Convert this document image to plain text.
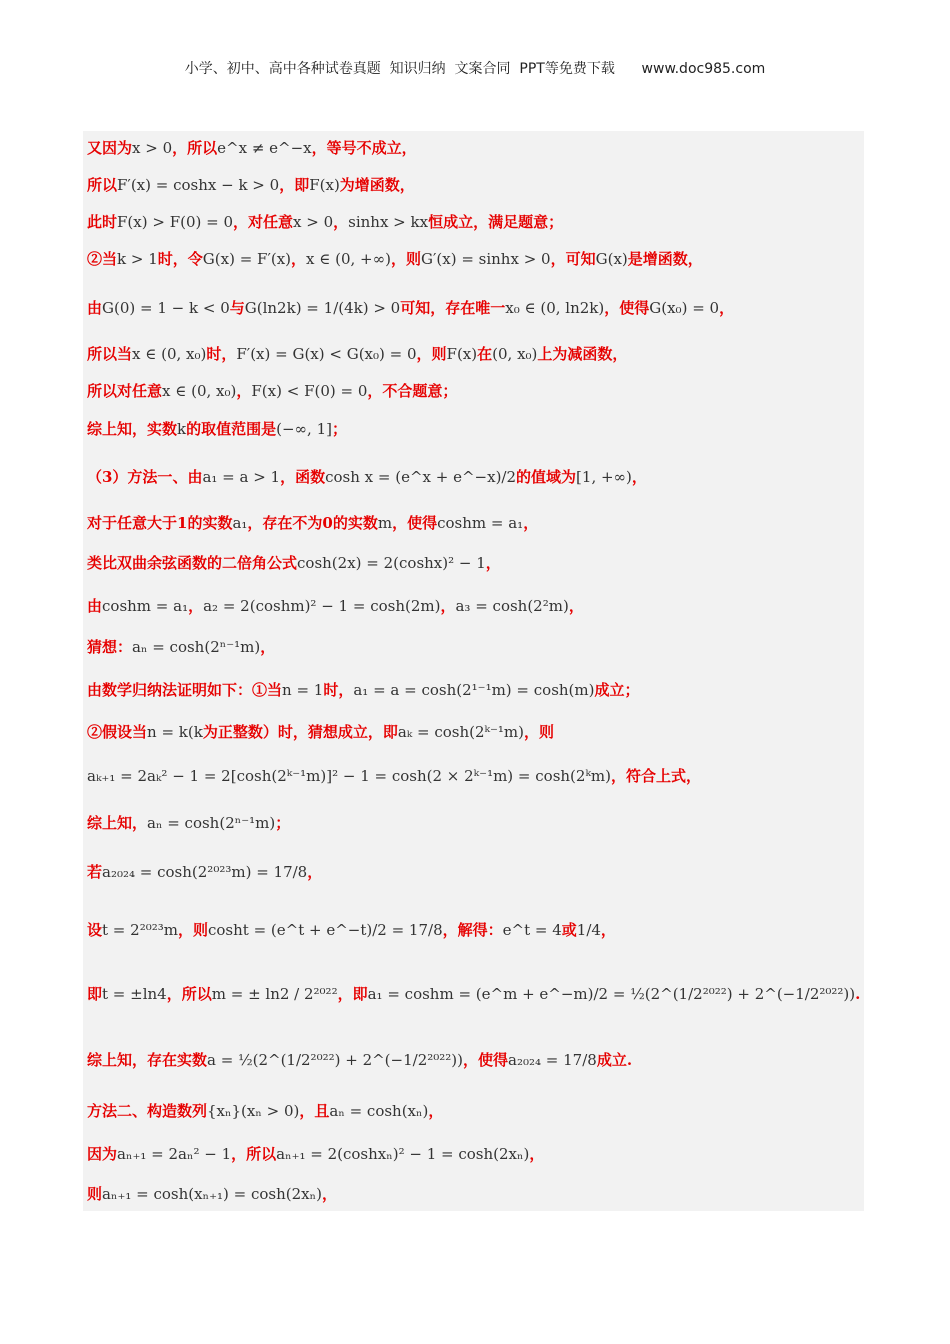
小学、初中、高中各种试卷真题  知识归纳  文案合同  PPT等免费下载      www.doc985.com
又因为x > 0，所以e^x ≠ e^−x，等号不成立，
所以F′(x) = coshx − k > 0，即F(x)为增函数，
此时F(x) > F(0) = 0，对任意x > 0，sinhx > kx恒成立，满足题意；
②当k > 1时，令G(x) = F′(x)，x ∈ (0, +∞)，则G′(x) = sinhx > 0，可知G(x)是增函数，
由G(0) = 1 − k < 0与G(ln2k) = 1/(4k) > 0可知，存在唯一x₀ ∈ (0, ln2k)，使得G(x₀) = 0，
所以当x ∈ (0, x₀)时，F′(x) = G(x) < G(x₀) = 0，则F(x)在(0, x₀)上为减函数，
所以对任意x ∈ (0, x₀)，F(x) < F(0) = 0，不合题意；
综上知，实数k的取值范围是(−∞, 1]；
（3）方法一、由a₁ = a > 1，函数cosh x = (e^x + e^−x)/2的值域为[1, +∞)，
对于任意大于1的实数a₁，存在不为0的实数m，使得coshm = a₁，
类比双曲余弦函数的二倍角公式cosh(2x) = 2(coshx)² − 1，
由coshm = a₁，a₂ = 2(coshm)² − 1 = cosh(2m)，a₃ = cosh(2²m)，
猜想：aₙ = cosh(2ⁿ⁻¹m)，
由数学归纳法证明如下：①当n = 1时，a₁ = a = cosh(2¹⁻¹m) = cosh(m)成立；
②假设当n = k(k为正整数）时，猜想成立，即aₖ = cosh(2ᵏ⁻¹m)，则
aₖ₊₁ = 2aₖ² − 1 = 2[cosh(2ᵏ⁻¹m)]² − 1 = cosh(2 × 2ᵏ⁻¹m) = cosh(2ᵏm)，符合上式，
综上知，aₙ = cosh(2ⁿ⁻¹m)；
若a₂₀₂₄ = cosh(2²⁰²³m) = 17/8，
设t = 2²⁰²³m，则cosht = (e^t + e^−t)/2 = 17/8，解得：e^t = 4或1/4，
即t = ±ln4，所以m = ± ln2 / 2²⁰²²，即a₁ = coshm = (e^m + e^−m)/2 = ½(2^(1/2²⁰²²) + 2^(−1/2²⁰²²)).
综上知，存在实数a = ½(2^(1/2²⁰²²) + 2^(−1/2²⁰²²))，使得a₂₀₂₄ = 17/8成立.
方法二、构造数列{xₙ}(xₙ > 0)，且aₙ = cosh(xₙ)，
因为aₙ₊₁ = 2aₙ² − 1，所以aₙ₊₁ = 2(coshxₙ)² − 1 = cosh(2xₙ)，
则aₙ₊₁ = cosh(xₙ₊₁) = cosh(2xₙ)，
